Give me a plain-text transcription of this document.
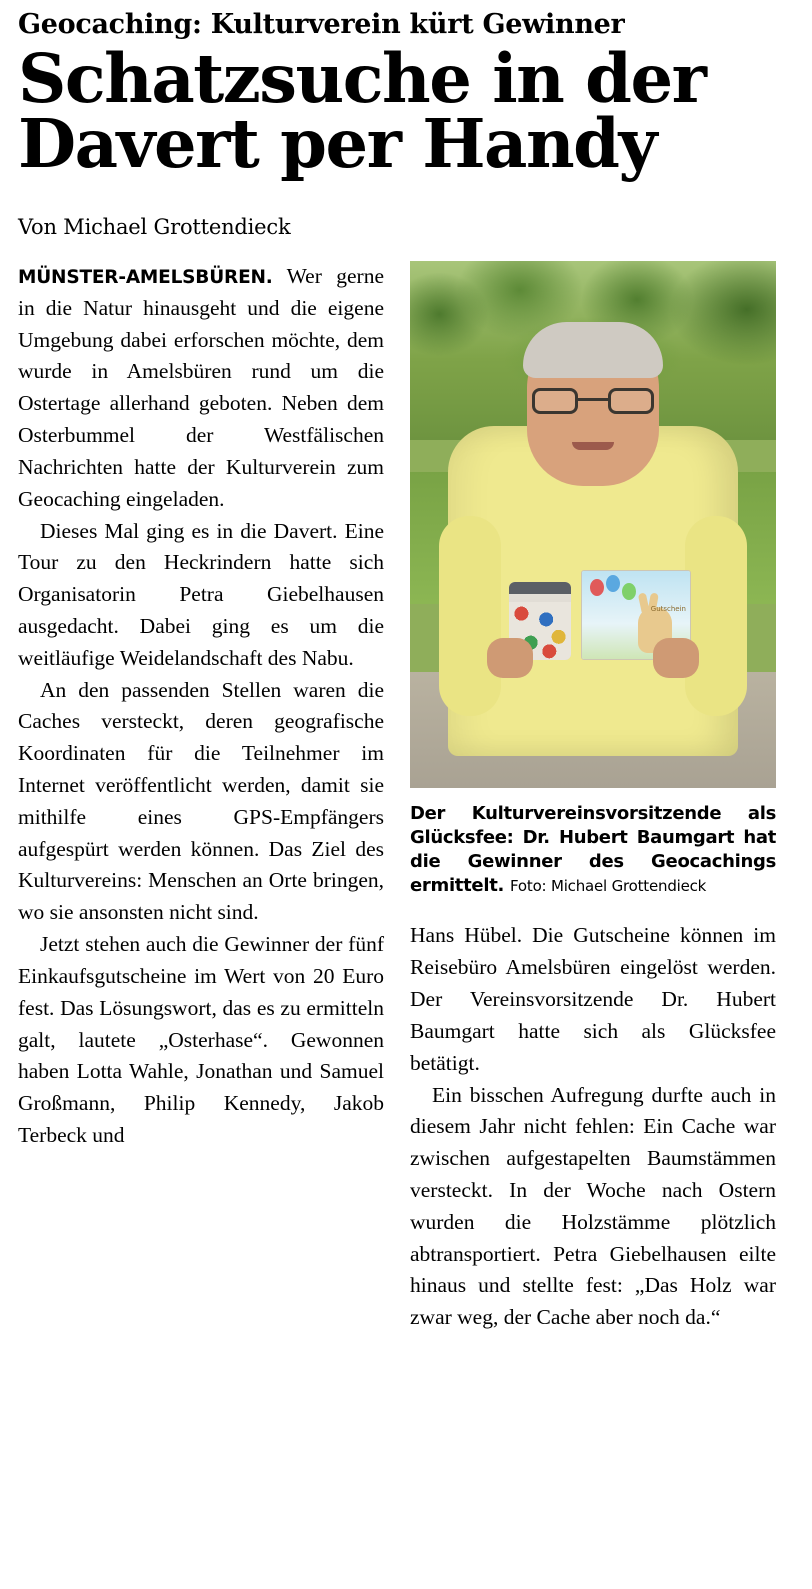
Geocaching: Kulturverein kürt Gewinner
Schatzsuche in der
Davert per Handy
Von Michael Grottendieck

MÜNSTER-AMELSBÜREN. Wer gerne in die Natur hinausgeht und die eigene Umgebung dabei erforschen möchte, dem wurde in Amelsbüren rund um die Ostertage allerhand geboten. Neben dem Osterbummel der Westfälischen Nachrichten hatte der Kulturverein zum Geocaching eingeladen.

Dieses Mal ging es in die Davert. Eine Tour zu den Heckrindern hatte sich Organisatorin Petra Giebelhausen ausgedacht. Dabei ging es um die weitläufige Weidelandschaft des Nabu.

An den passenden Stellen waren die Caches versteckt, deren geografische Koordinaten für die Teilnehmer im Internet veröffentlicht werden, damit sie mithilfe eines GPS-Empfängers aufgespürt werden können. Das Ziel des Kulturvereins: Menschen an Orte bringen, wo sie ansonsten nicht sind.

Jetzt stehen auch die Gewinner der fünf Einkaufsgutscheine im Wert von 20 Euro fest. Das Lösungswort, das es zu ermitteln galt, lautete „Osterhase“. Gewonnen haben Lotta Wahle, Jonathan und Samuel Großmann, Philip Kennedy, Jakob Terbeck und

Gutschein
Der Kulturvereinsvorsitzende als Glücksfee: Dr. Hubert Baumgart hat die Gewinner des Geocachings ermittelt. Foto: Michael Grottendieck

Hans Hübel. Die Gutscheine können im Reisebüro Amelsbüren eingelöst werden. Der Vereinsvorsitzende Dr. Hubert Baumgart hatte sich als Glücksfee betätigt.

Ein bisschen Aufregung durfte auch in diesem Jahr nicht fehlen: Ein Cache war zwischen aufgestapelten Baumstämmen versteckt. In der Woche nach Ostern wurden die Holzstämme plötzlich abtransportiert. Petra Giebelhausen eilte hinaus und stellte fest: „Das Holz war zwar weg, der Cache aber noch da.“
